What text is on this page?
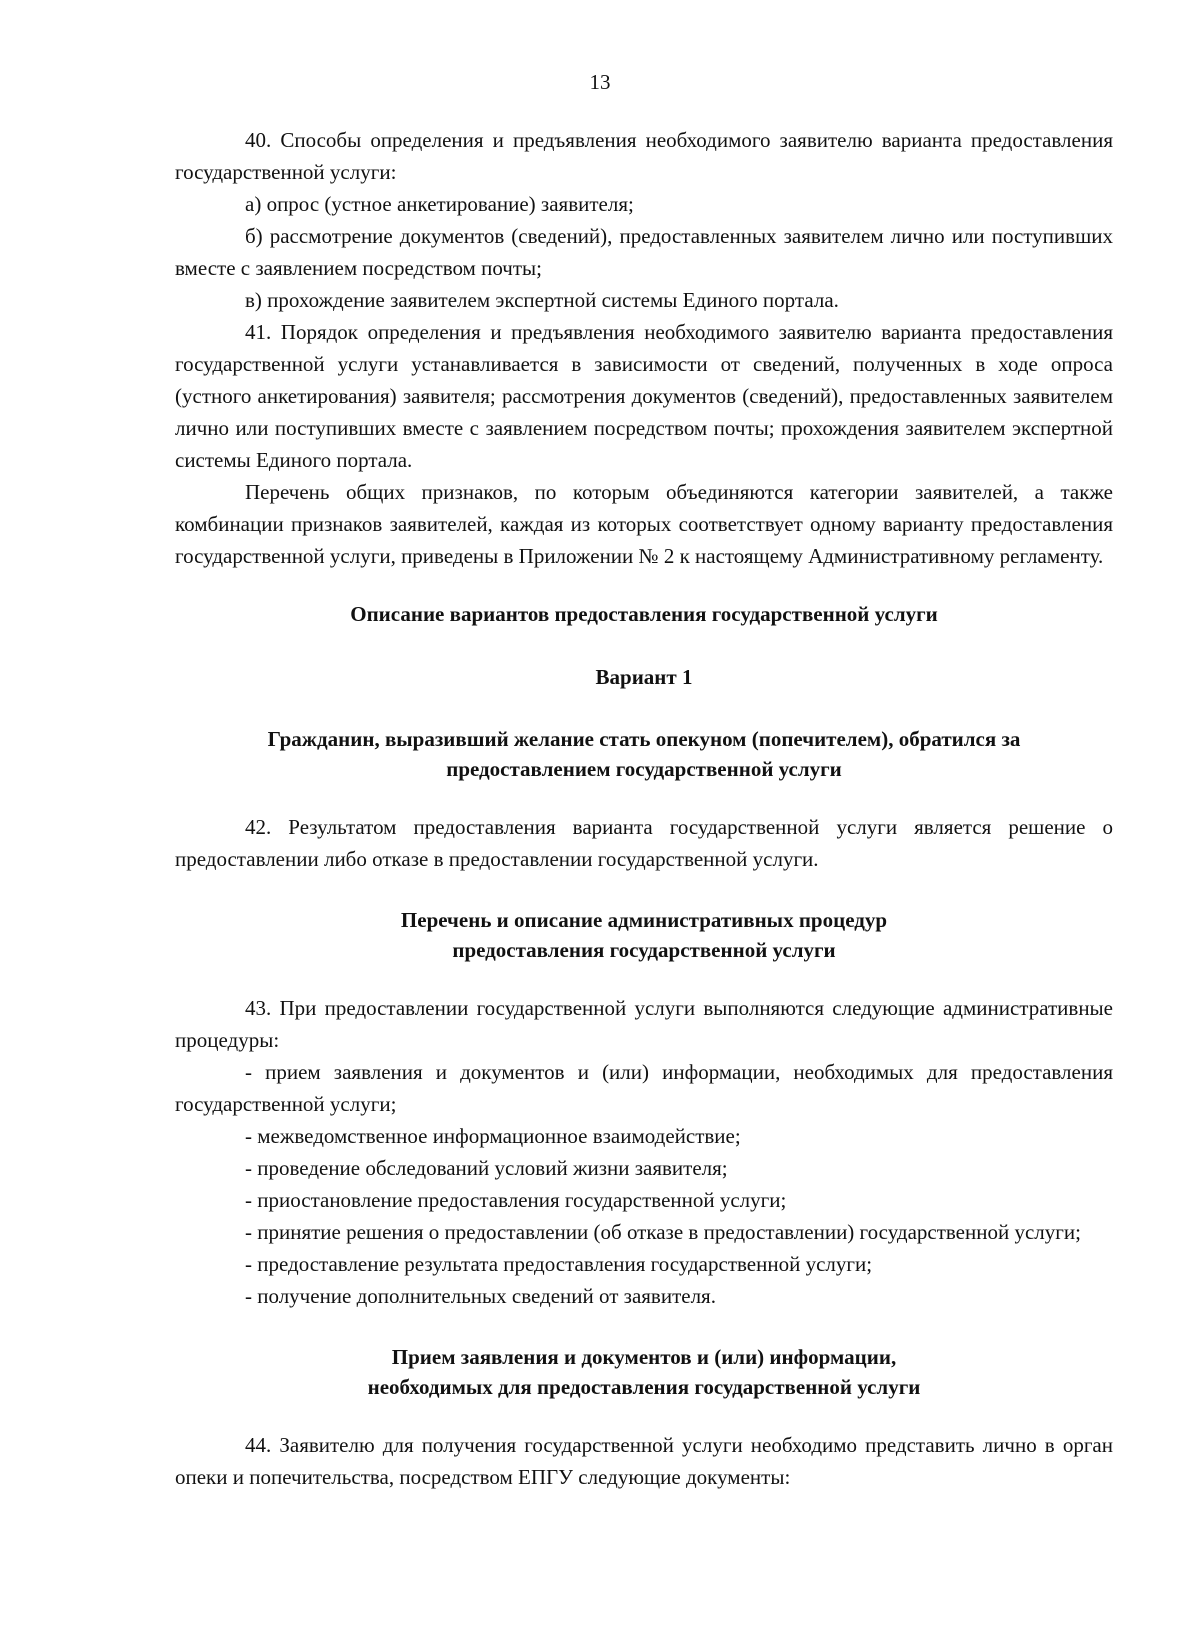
13

40. Способы определения и предъявления необходимого заявителю варианта предоставления государственной услуги:

а) опрос (устное анкетирование) заявителя;

б) рассмотрение документов (сведений), предоставленных заявителем лично или поступивших вместе с заявлением посредством почты;

в) прохождение заявителем экспертной системы Единого портала.

41. Порядок определения и предъявления необходимого заявителю варианта предоставления государственной услуги устанавливается в зависимости от сведений, полученных в ходе опроса (устного анкетирования) заявителя; рассмотрения документов (сведений), предоставленных заявителем лично или поступивших вместе с заявлением посредством почты; прохождения заявителем экспертной системы Единого портала.

Перечень общих признаков, по которым объединяются категории заявителей, а также комбинации признаков заявителей, каждая из которых соответствует одному варианту предоставления государственной услуги, приведены в Приложении № 2 к настоящему Административному регламенту.

Описание вариантов предоставления государственной услуги

Вариант 1

Гражданин, выразивший желание стать опекуном (попечителем), обратился за
предоставлением государственной услуги

42. Результатом предоставления варианта государственной услуги является решение о предоставлении либо отказе в предоставлении государственной услуги.

Перечень и описание административных процедур
предоставления государственной услуги

43. При предоставлении государственной услуги выполняются следующие административные процедуры:

- прием заявления и документов и (или) информации, необходимых для предоставления государственной услуги;

- межведомственное информационное взаимодействие;

- проведение обследований условий жизни заявителя;

- приостановление предоставления государственной услуги;

- принятие решения о предоставлении (об отказе в предоставлении) государственной услуги;

- предоставление результата предоставления государственной услуги;

- получение дополнительных сведений от заявителя.

Прием заявления и документов и (или) информации,
необходимых для предоставления государственной услуги

44. Заявителю для получения государственной услуги необходимо представить лично в орган опеки и попечительства, посредством ЕПГУ следующие документы:
